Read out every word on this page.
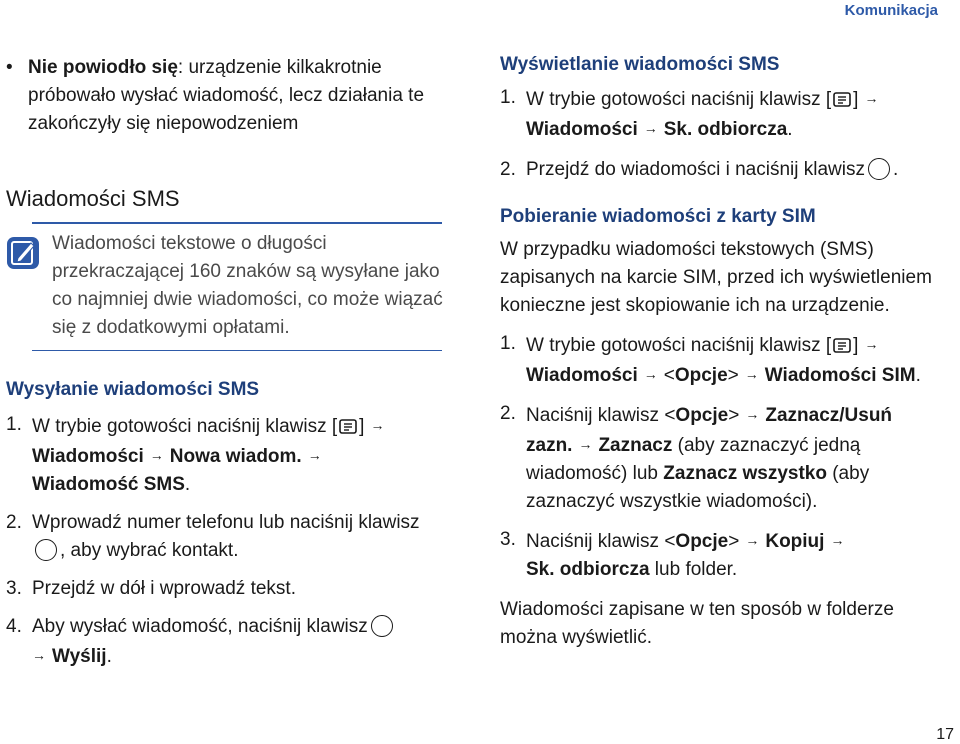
Komunikacja
• Nie powiodło się: urządzenie kilkakrotnie próbowało wysłać wiadomość, lecz działania te zakończyły się niepowodzeniem
Wiadomości SMS
Wiadomości tekstowe o długości przekraczającej 160 znaków są wysyłane jako co najmniej dwie wiadomości, co może wiązać się z dodatkowymi opłatami.
Wysyłanie wiadomości SMS
1. W trybie gotowości naciśnij klawisz [ ] →
Wiadomości → Nowa wiadom. →
Wiadomość SMS.
2. Wprowadź numer telefonu lub naciśnij klawisz, aby wybrać kontakt.
3. Przejdź w dół i wprowadź tekst.
4. Aby wysłać wiadomość, naciśnij klawisz
→ Wyślij.
Wyświetlanie wiadomości SMS
1. W trybie gotowości naciśnij klawisz [ ] →
Wiadomości → Sk. odbiorcza.
2. Przejdź do wiadomości i naciśnij klawisz .
Pobieranie wiadomości z karty SIM
W przypadku wiadomości tekstowych (SMS) zapisanych na karcie SIM, przed ich wyświetleniem konieczne jest skopiowanie ich na urządzenie.
1. W trybie gotowości naciśnij klawisz [ ] →
Wiadomości → <Opcje> → Wiadomości SIM.
2. Naciśnij klawisz <Opcje> → Zaznacz/Usuń zazn. → Zaznacz (aby zaznaczyć jedną wiadomość) lub Zaznacz wszystko (aby zaznaczyć wszystkie wiadomości).
3. Naciśnij klawisz <Opcje> → Kopiuj →
Sk. odbiorcza lub folder.
Wiadomości zapisane w ten sposób w folderze można wyświetlić.
17
